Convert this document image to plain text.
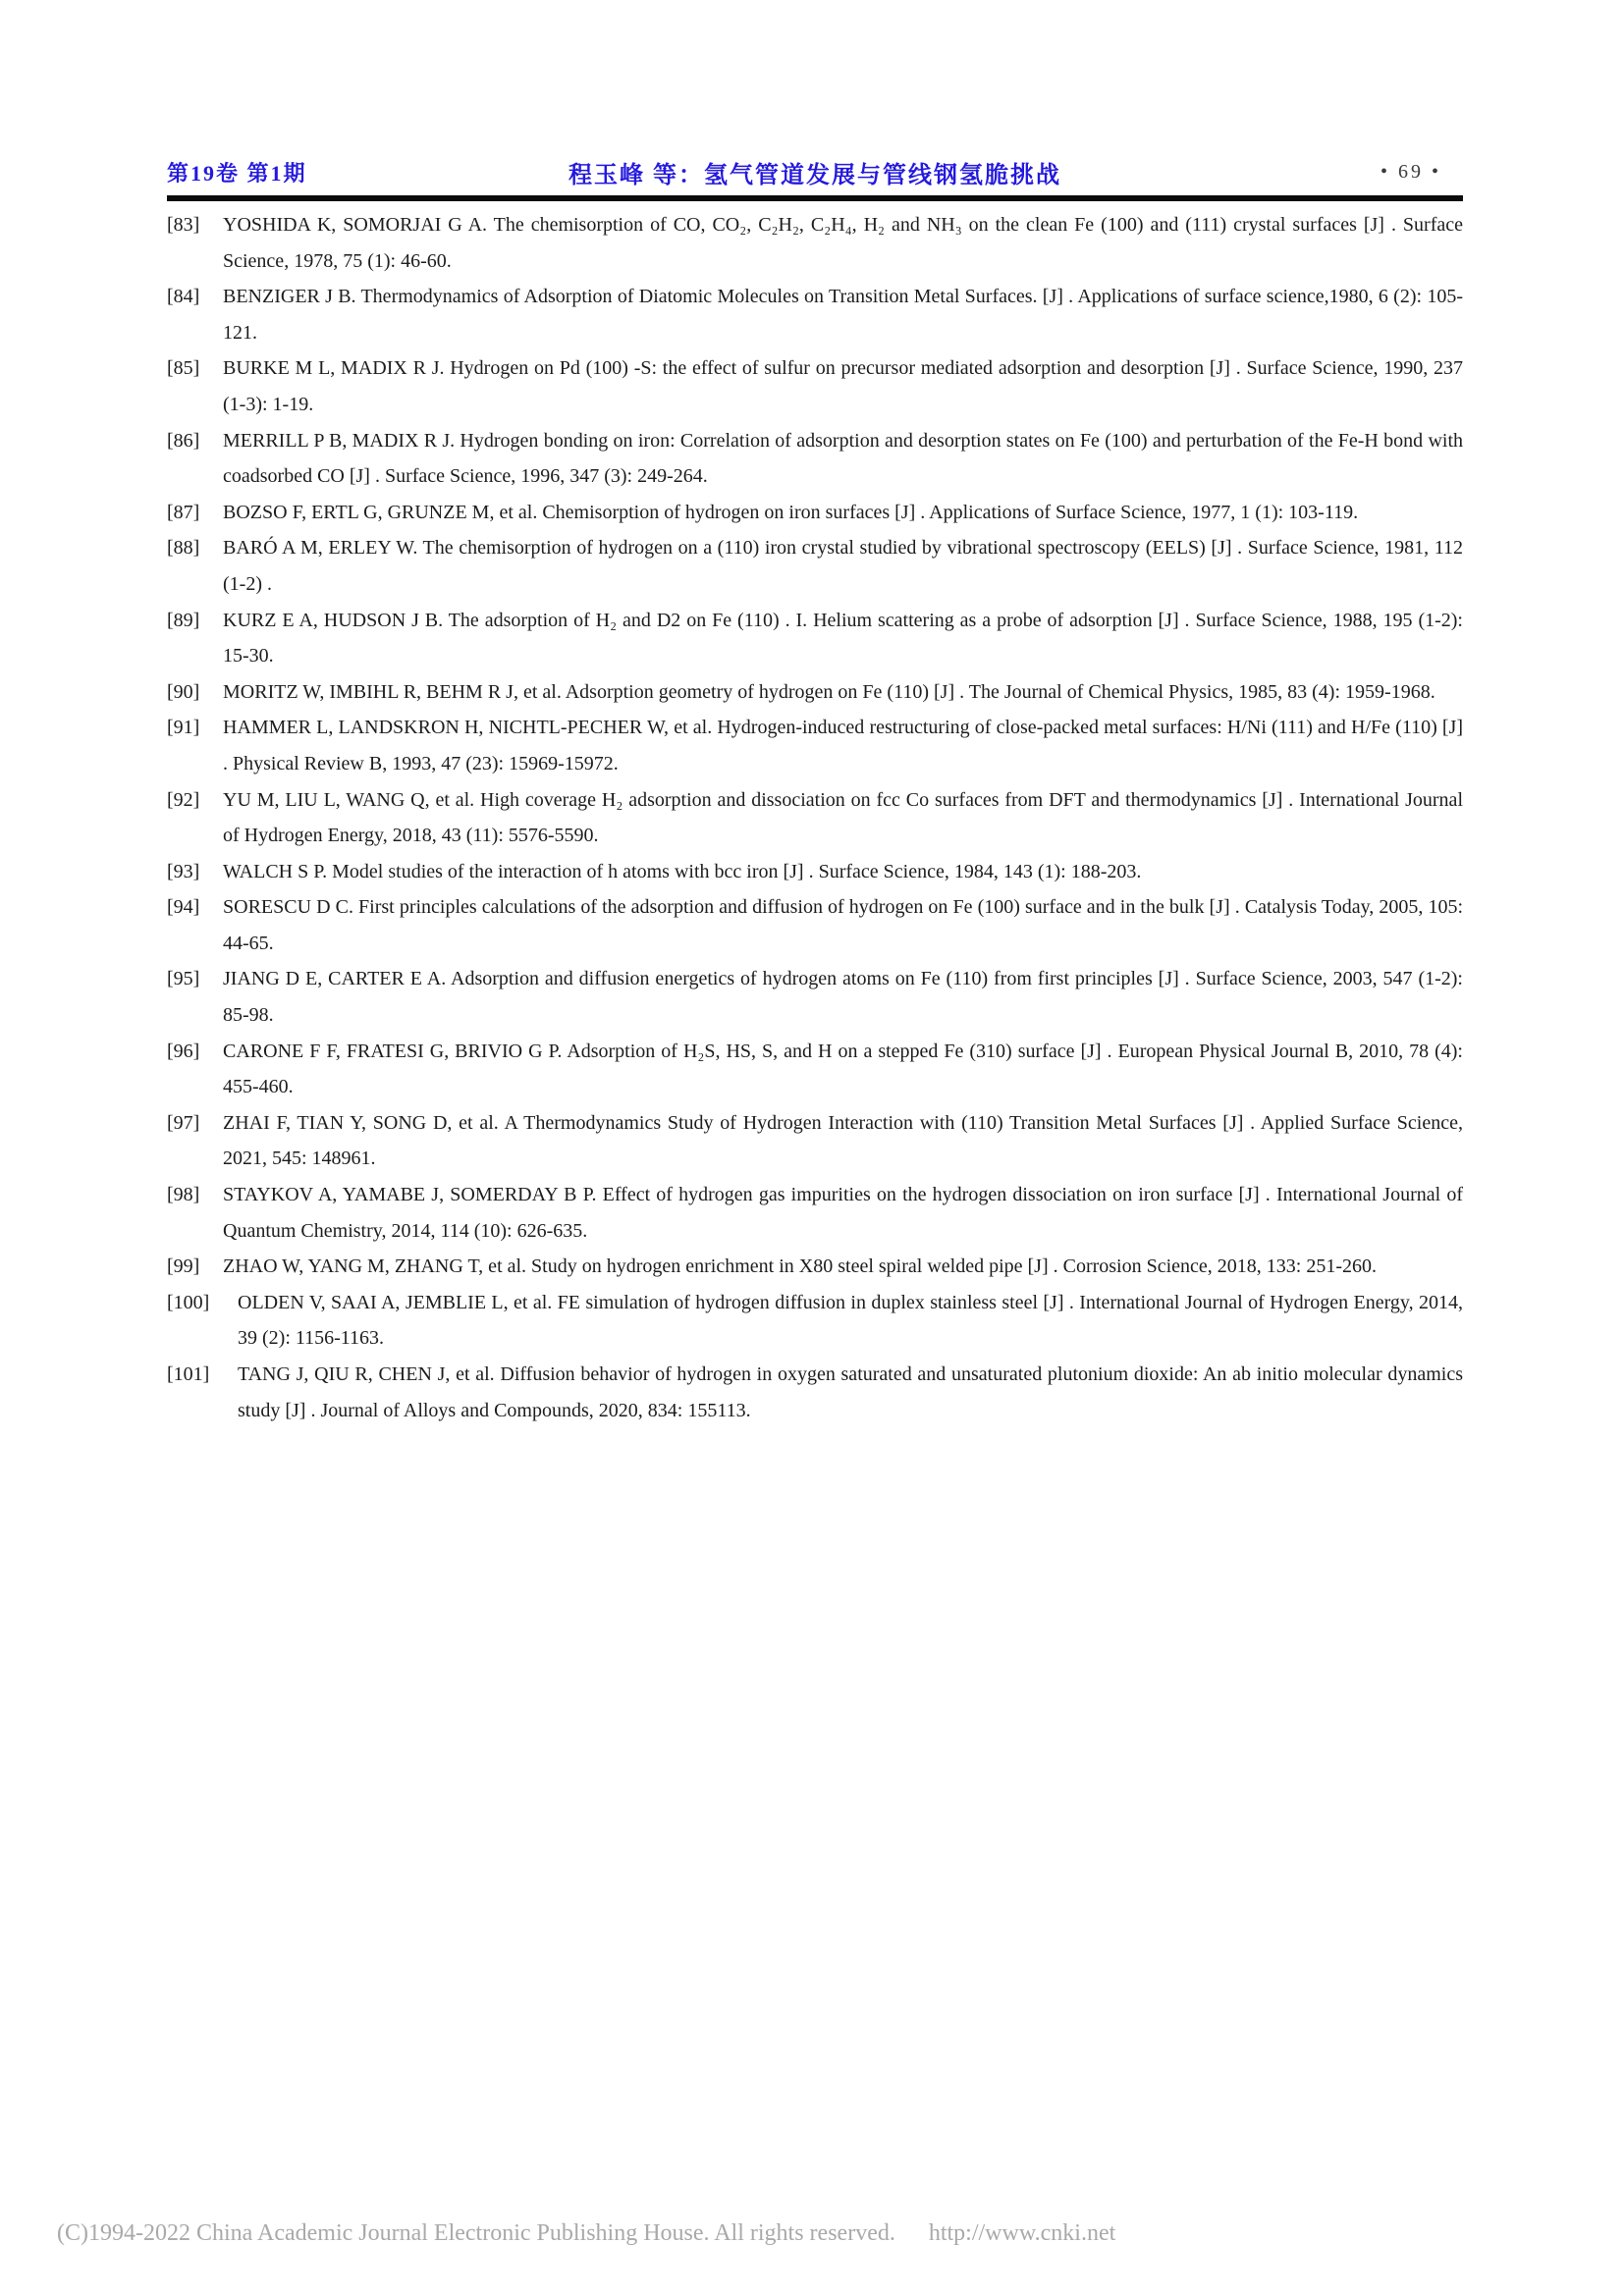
第19卷 第1期	程玉峰 等：氢气管道发展与管线钢氢脆挑战	• 69 •
[83] YOSHIDA K, SOMORJAI G A. The chemisorption of CO, CO₂, C₂H₂, C₂H₄, H₂ and NH₃ on the clean Fe (100) and (111) crystal surfaces [J] . Surface Science, 1978, 75 (1): 46-60.
[84] BENZIGER J B. Thermodynamics of Adsorption of Diatomic Molecules on Transition Metal Surfaces. [J] . Applications of surface science,1980, 6 (2): 105-121.
[85] BURKE M L, MADIX R J. Hydrogen on Pd (100) -S: the effect of sulfur on precursor mediated adsorption and desorption [J] . Surface Science, 1990, 237 (1-3): 1-19.
[86] MERRILL P B, MADIX R J. Hydrogen bonding on iron: Correlation of adsorption and desorption states on Fe (100) and perturbation of the Fe-H bond with coadsorbed CO [J] . Surface Science, 1996, 347 (3): 249-264.
[87] BOZSO F, ERTL G, GRUNZE M, et al. Chemisorption of hydrogen on iron surfaces [J] . Applications of Surface Science, 1977, 1 (1): 103-119.
[88] BARÓ A M, ERLEY W. The chemisorption of hydrogen on a (110) iron crystal studied by vibrational spectroscopy (EELS) [J] . Surface Science, 1981, 112 (1-2) .
[89] KURZ E A, HUDSON J B. The adsorption of H₂ and D2 on Fe (110) . I. Helium scattering as a probe of adsorption [J] . Surface Science, 1988, 195 (1-2): 15-30.
[90] MORITZ W, IMBIHL R, BEHM R J, et al. Adsorption geometry of hydrogen on Fe (110) [J] . The Journal of Chemical Physics, 1985, 83 (4): 1959-1968.
[91] HAMMER L, LANDSKRON H, NICHTL-PECHER W, et al. Hydrogen-induced restructuring of close-packed metal surfaces: H/Ni (111) and H/Fe (110) [J] . Physical Review B, 1993, 47 (23): 15969-15972.
[92] YU M, LIU L, WANG Q, et al. High coverage H₂ adsorption and dissociation on fcc Co surfaces from DFT and thermodynamics [J] . International Journal of Hydrogen Energy, 2018, 43 (11): 5576-5590.
[93] WALCH S P. Model studies of the interaction of h atoms with bcc iron [J] . Surface Science, 1984, 143 (1): 188-203.
[94] SORESCU D C. First principles calculations of the adsorption and diffusion of hydrogen on Fe (100) surface and in the bulk [J] . Catalysis Today, 2005, 105: 44-65.
[95] JIANG D E, CARTER E A. Adsorption and diffusion energetics of hydrogen atoms on Fe (110) from first principles [J] . Surface Science, 2003, 547 (1-2): 85-98.
[96] CARONE F F, FRATESI G, BRIVIO G P. Adsorption of H₂S, HS, S, and H on a stepped Fe (310) surface [J] . European Physical Journal B, 2010, 78 (4): 455-460.
[97] ZHAI F, TIAN Y, SONG D, et al. A Thermodynamics Study of Hydrogen Interaction with (110) Transition Metal Surfaces [J] . Applied Surface Science, 2021, 545: 148961.
[98] STAYKOV A, YAMABE J, SOMERDAY B P. Effect of hydrogen gas impurities on the hydrogen dissociation on iron surface [J] . International Journal of Quantum Chemistry, 2014, 114 (10): 626-635.
[99] ZHAO W, YANG M, ZHANG T, et al. Study on hydrogen enrichment in X80 steel spiral welded pipe [J] . Corrosion Science, 2018, 133: 251-260.
[100] OLDEN V, SAAI A, JEMBLIE L, et al. FE simulation of hydrogen diffusion in duplex stainless steel [J] . International Journal of Hydrogen Energy, 2014, 39 (2): 1156-1163.
[101] TANG J, QIU R, CHEN J, et al. Diffusion behavior of hydrogen in oxygen saturated and unsaturated plutonium dioxide: An ab initio molecular dynamics study [J] . Journal of Alloys and Compounds, 2020, 834: 155113.
(C)1994-2022 China Academic Journal Electronic Publishing House. All rights reserved. http://www.cnki.net
